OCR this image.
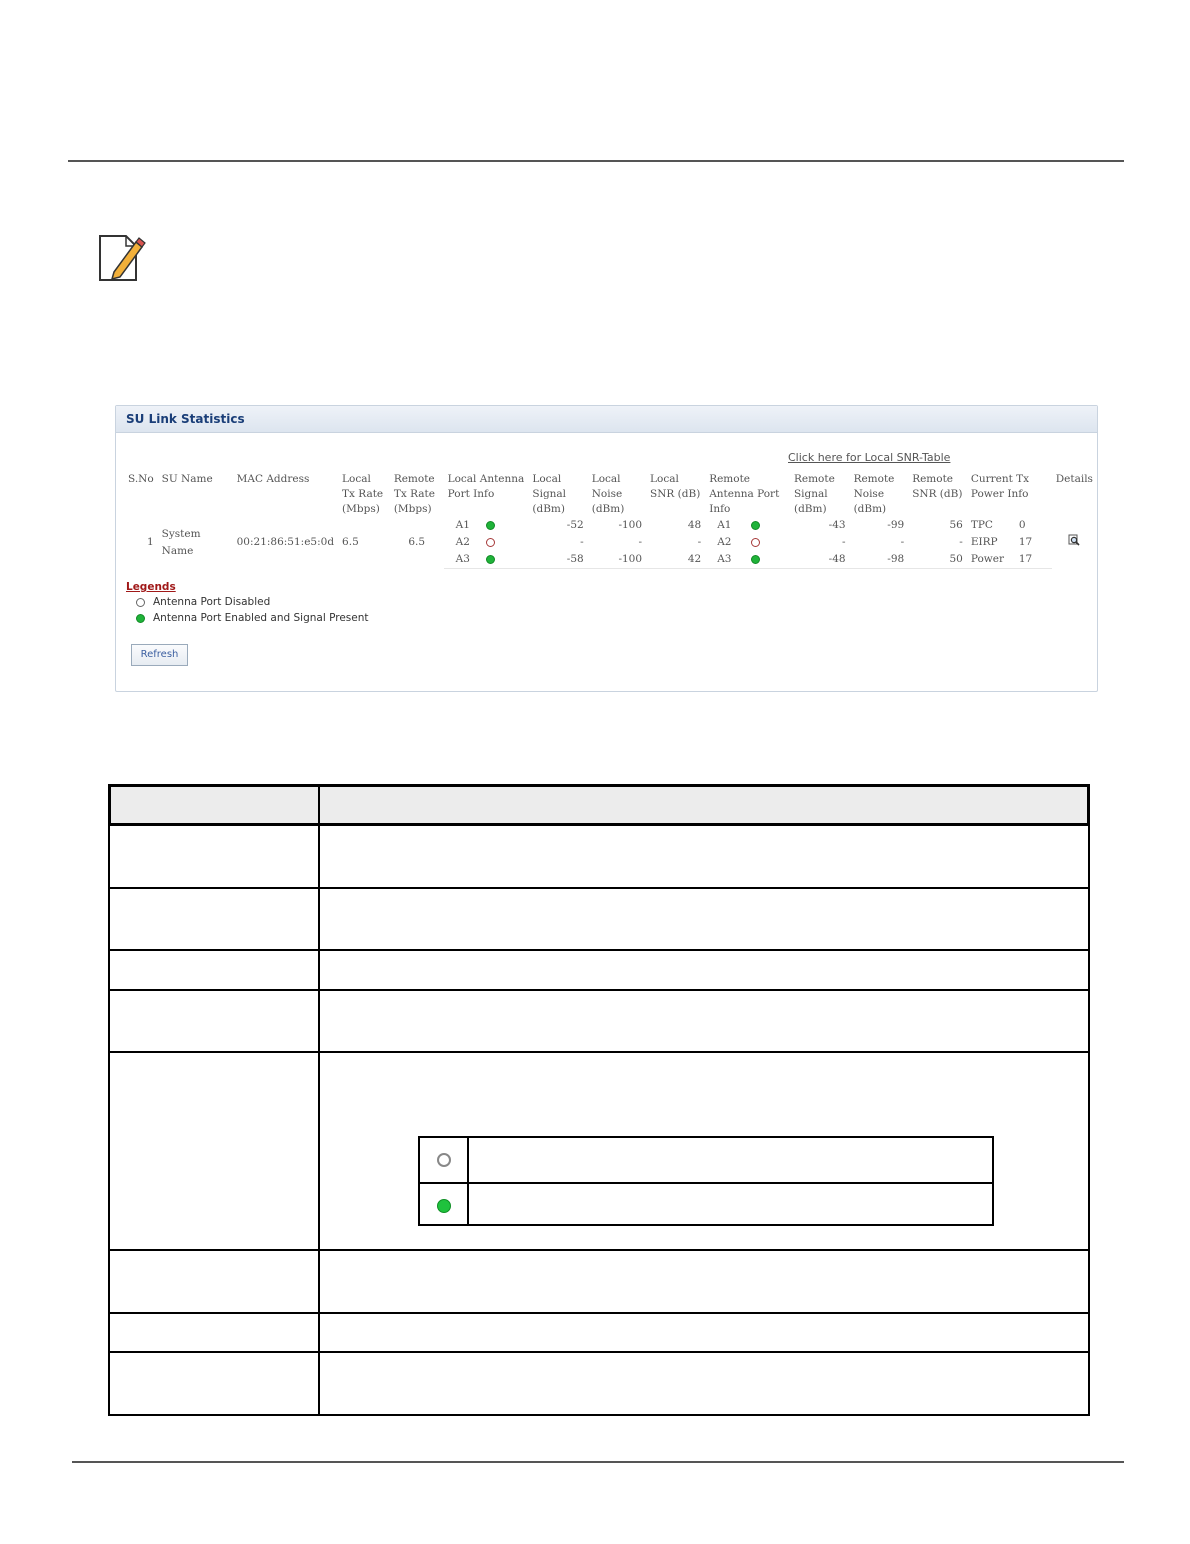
SU Link Statistics
Click here for Local SNR-Table
S.No	SU Name	MAC Address	Local Tx Rate (Mbps)	Remote Tx Rate (Mbps)	Local Antenna Port Info	Local Signal (dBm)	Local Noise (dBm)	Local SNR (dB)	Remote Antenna Port Info	Remote Signal (dBm)	Remote Noise (dBm)	Remote SNR (dB)	Current Tx Power Info	Details
1	System Name	00:21:86:51:e5:0d	6.5	6.5	A1	-52	-100	48	A1	-43	-99	56	TPC 0	
					A2	-	-	-	A2	-	-	-	EIRP 17	
					A3	-58	-100	42	A3	-48	-98	50	Power 17	
Legends
Antenna Port Disabled
Antenna Port Enabled and Signal Present
Refresh
